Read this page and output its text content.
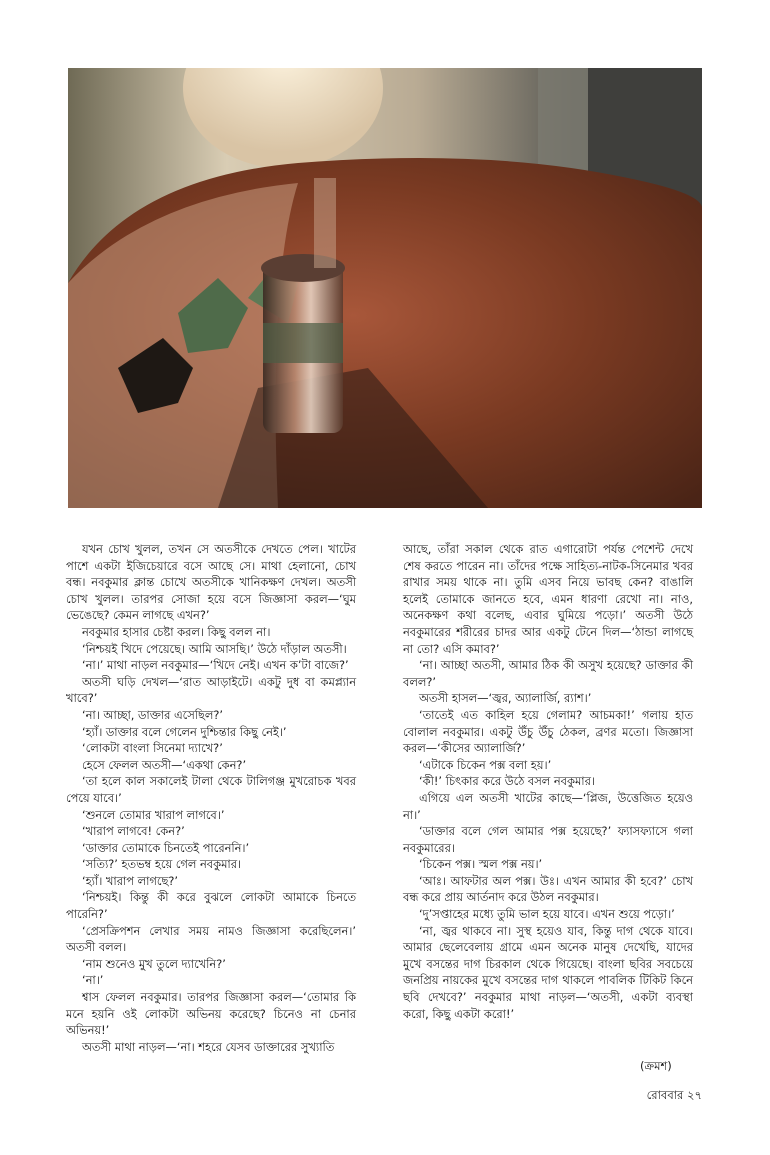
যখন চোখ খুলল, তখন সে অতসীকে দেখতে পেল। খাটের পাশে একটা ইজিচেয়ারে বসে আছে সে। মাথা হেলানো, চোখ বন্ধ। নবকুমার ক্লান্ত চোখে অতসীকে খানিকক্ষণ দেখল। অতসী চোখ খুলল। তারপর সোজা হয়ে বসে জিজ্ঞাসা করল—‘ঘুম ভেঙেছে? কেমন লাগছে এখন?’

নবকুমার হাসার চেষ্টা করল। কিছু বলল না।

‘নিশ্চয়ই খিদে পেয়েছে। আমি আসছি।’ উঠে দাঁড়াল অতসী।

‘না।’ মাথা নাড়ল নবকুমার—‘খিদে নেই। এখন ক’টা বাজে?’

অতসী ঘড়ি দেখল—‘রাত আড়াইটে। একটু দুধ বা কমপ্ল্যান খাবে?’

‘না। আচ্ছা, ডাক্তার এসেছিল?’

‘হ্যাঁ। ডাক্তার বলে গেলেন দুশ্চিন্তার কিছু নেই।’

‘লোকটা বাংলা সিনেমা দ্যাখে?’

হেসে ফেলল অতসী—‘একথা কেন?’

‘তা হলে কাল সকালেই টালা থেকে টালিগঞ্জ মুখরোচক খবর পেয়ে যাবে।’

‘শুনলে তোমার খারাপ লাগবে।’

‘খারাপ লাগবে! কেন?’

‘ডাক্তার তোমাকে চিনতেই পারেননি।’

‘সত্যি?’ হতভম্ব হয়ে গেল নবকুমার।

‘হ্যাঁ। খারাপ লাগছে?’

‘নিশ্চয়ই। কিন্তু কী করে বুঝলে লোকটা আমাকে চিনতে পারেনি?’

‘প্রেসক্রিপশন লেখার সময় নামও জিজ্ঞাসা করেছিলেন।’ অতসী বলল।

‘নাম শুনেও মুখ তুলে দ্যাখেনি?’

‘না।’

শ্বাস ফেলল নবকুমার। তারপর জিজ্ঞাসা করল—‘তোমার কি মনে হয়নি ওই লোকটা অভিনয় করেছে? চিনেও না চেনার অভিনয়!’

অতসী মাথা নাড়ল—‘না। শহরে যেসব ডাক্তারের সুখ্যাতি

আছে, তাঁরা সকাল থেকে রাত এগারোটা পর্যন্ত পেশেন্ট দেখে শেষ করতে পারেন না। তাঁদের পক্ষে সাহিত্য-নাটক-সিনেমার খবর রাখার সময় থাকে না। তুমি এসব নিয়ে ভাবছ কেন? বাঙালি হলেই তোমাকে জানতে হবে, এমন ধারণা রেখো না। নাও, অনেকক্ষণ কথা বলেছ, এবার ঘুমিয়ে পড়ো।’ অতসী উঠে নবকুমারের শরীরের চাদর আর একটু টেনে দিল—‘ঠান্ডা লাগছে না তো? এসি কমাব?’

‘না। আচ্ছা অতসী, আমার ঠিক কী অসুখ হয়েছে? ডাক্তার কী বলল?’

অতসী হাসল—‘জ্বর, অ্যালার্জি, র‍্যাশ।’

‘তাতেই এত কাহিল হয়ে গেলাম? আচমকা!’ গলায় হাত বোলাল নবকুমার। একটু উঁচু উঁচু ঠেকল, ব্রণর মতো। জিজ্ঞাসা করল—‘কীসের অ্যালার্জি?’

‘এটাকে চিকেন পক্স বলা হয়।’

‘কী!’ চিৎকার করে উঠে বসল নবকুমার।

এগিয়ে এল অতসী খাটের কাছে—‘প্লিজ, উত্তেজিত হয়েও না।’

‘ডাক্তার বলে গেল আমার পক্স হয়েছে?’ ফ্যাসফ্যাসে গলা নবকুমারের।

‘চিকেন পক্স। স্মল পক্স নয়।’

‘আঃ। আফটার অল পক্স। উঃ। এখন আমার কী হবে?’ চোখ বন্ধ করে প্রায় আর্তনাদ করে উঠল নবকুমার।

‘দু’সপ্তাহের মধ্যে তুমি ভাল হয়ে যাবে। এখন শুয়ে পড়ো।’

‘না, জ্বর থাকবে না। সুস্থ হয়েও যাব, কিন্তু দাগ থেকে যাবে। আমার ছেলেবেলায় গ্রামে এমন অনেক মানুষ দেখেছি, যাদের মুখে বসন্তের দাগ চিরকাল থেকে গিয়েছে। বাংলা ছবির সবচেয়ে জনপ্রিয় নায়কের মুখে বসন্তের দাগ থাকলে পাবলিক টিকিট কিনে ছবি দেখবে?’ নবকুমার মাথা নাড়ল—‘অতসী, একটা ব্যবস্থা করো, কিছু একটা করো!’

(ক্রমশ)
রোববার ২৭
